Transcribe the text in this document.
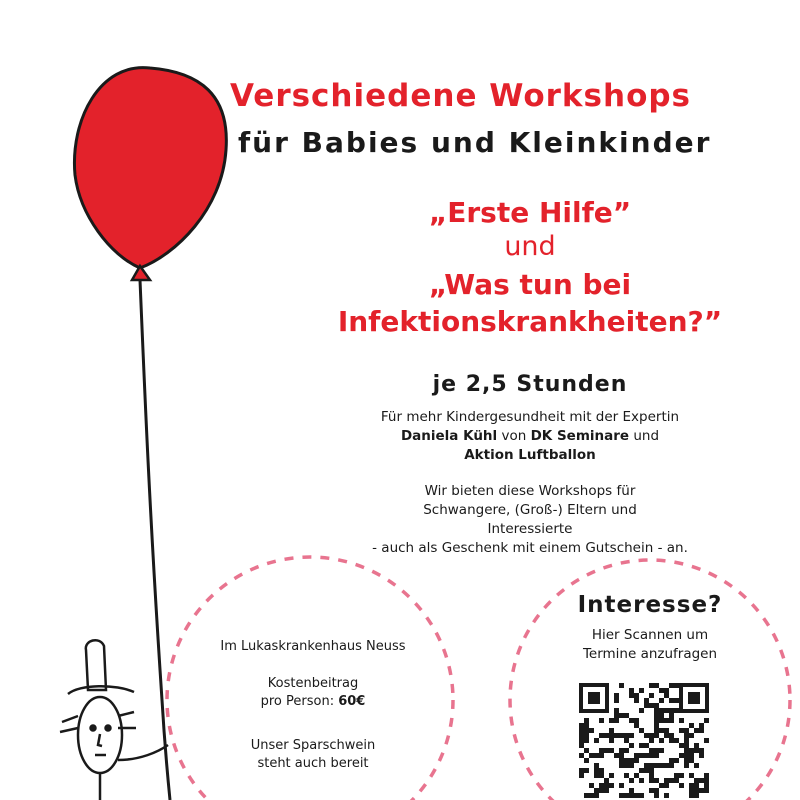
Verschiedene Workshops
für Babies und Kleinkinder
„Erste Hilfe”
und
„Was tun bei
Infektionskrankheiten?”
je 2,5 Stunden
Für mehr Kindergesundheit mit der Expertin
Daniela Kühl von DK Seminare und
Aktion Luftballon
Wir bieten diese Workshops für
Schwangere, (Groß-) Eltern und
Interessierte
- auch als Geschenk mit einem Gutschein - an.
Im Lukaskrankenhaus Neuss
Kostenbeitrag
pro Person: 60€
Unser Sparschwein
steht auch bereit
Interesse?
Hier Scannen um
Termine anzufragen
